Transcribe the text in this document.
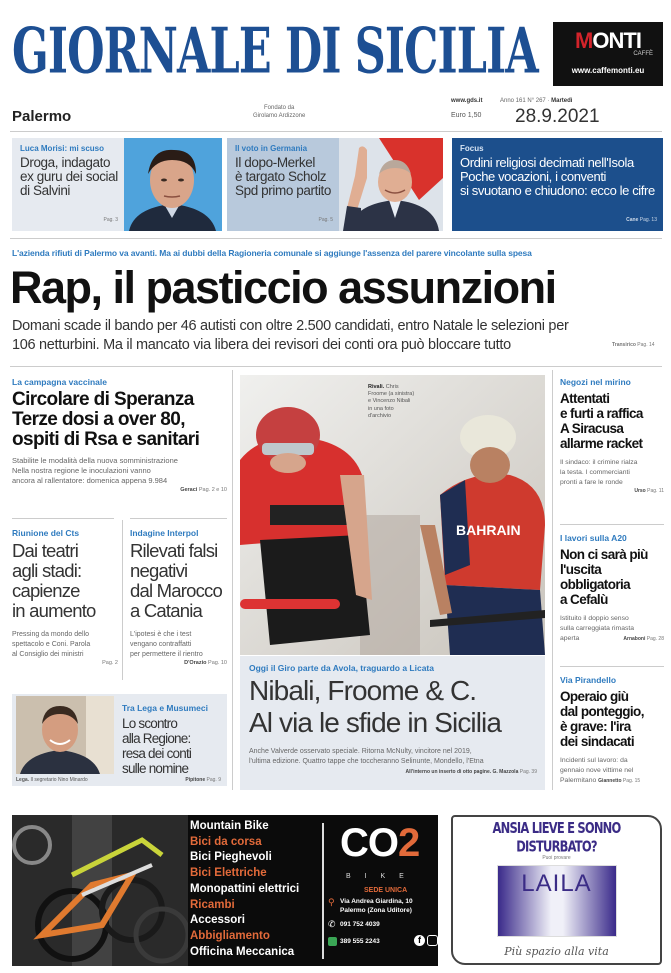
GIORNALE DI SICILIA	MONTI
CAFFÈ
www.caffemonti.eu
Palermo	Fondato da
Girolamo Ardizzone
www.gds.it
Euro 1,50
Anno 161 N° 267 · Martedì
28.9.2021
Luca Morisi: mi scuso
Droga, indagato
ex guru dei social
di Salvini
Pag. 3
Il voto in Germania
Il dopo-Merkel
è targato Scholz
Spd primo partito
Pag. 5
Focus
Ordini religiosi decimati nell'Isola
Poche vocazioni, i conventi
si svuotano e chiudono: ecco le cifre
Cane Pag. 13
L'azienda rifiuti di Palermo va avanti. Ma ai dubbi della Ragioneria comunale si aggiunge l'assenza del parere vincolante sulla spesa
Rap, il pasticcio assunzioni
Domani scade il bando per 46 autisti con oltre 2.500 candidati, entro Natale le selezioni per
106 netturbini. Ma il mancato via libera dei revisori dei conti ora può bloccare tutto	Transirico Pag. 14
La campagna vaccinale
Circolare di Speranza
Terze dosi a over 80,
ospiti di Rsa e sanitari
Stabilite le modalità della nuova somministrazione
Nella nostra regione le inoculazioni vanno
ancora al rallentatore: domenica appena 9.984
Geraci Pag. 2 e 10
Riunione del Cts
Dai teatri
agli stadi:
capienze
in aumento
Pressing da mondo dello
spettacolo e Coni. Parola
al Consiglio dei ministri
Pag. 2
Indagine Interpol
Rilevati falsi
negativi
dal Marocco
a Catania
L'ipotesi è che i test
vengano contraffatti
per permettere il rientro
D'Orazio Pag. 10
Tra Lega e Musumeci
Lo scontro
alla Regione:
resa dei conti
sulle nomine
Lega. Il segretario Nino Minardo	Pipitone Pag. 9
BAHRAIN
Rivali. Chris
Froome (a sinistra)
e Vincenzo Nibali
in una foto
d'archivio
Oggi il Giro parte da Avola, traguardo a Licata
Nibali, Froome & C.
Al via le sfide in Sicilia
Anche Valverde osservato speciale. Ritorna McNulty, vincitore nel 2019,
l'ultima edizione. Quattro tappe che toccheranno Selinunte, Mondello, l'Etna
All'interno un inserto di otto pagine. G. Mazzola Pag. 39
Negozi nel mirino
Attentati
e furti a raffica
A Siracusa
allarme racket
Il sindaco: il crimine rialza
la testa. I commercianti
pronti a fare le ronde
Urso Pag. 11
I lavori sulla A20
Non ci sarà più
l'uscita
obbligatoria
a Cefalù
Istituito il doppio senso
sulla carreggiata rimasta
aperta	Arnaboni Pag. 28
Via Pirandello
Operaio giù
dal ponteggio,
è grave: l'ira
dei sindacati
Incidenti sul lavoro: da
gennaio nove vittime nel
Palermitano Giannetto Pag. 15
Mountain Bike
Bici da corsa
Bici Pieghevoli
Bici Elettriche
Monopattini elettrici
Ricambi
Accessori
Abbigliamento
Officina Meccanica
CO2
B I K E
SEDE UNICA
⚲ Via Andrea Giardina, 10
Palermo (Zona Uditore)
✆ 091 752 4039
389 555 2243	f
ANSIA LIEVE E SONNO DISTURBATO?
Puoi provare
LAILA
Più spazio alla vita
